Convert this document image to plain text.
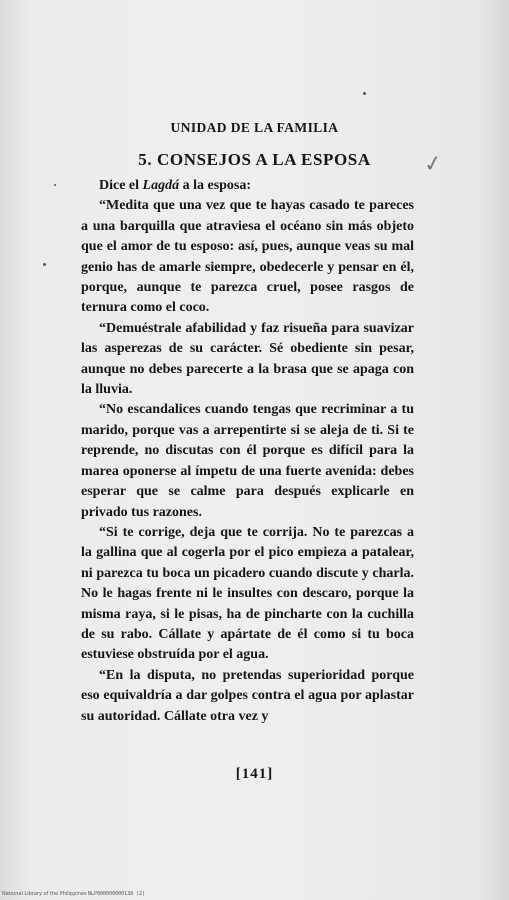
UNIDAD DE LA FAMILIA
5. CONSEJOS A LA ESPOSA	✓

Dice el Lagdá a la esposa:

“Medita que una vez que te hayas casado te pareces a una barquilla que atraviesa el océano sin más objeto que el amor de tu esposo: así, pues, aunque veas su mal genio has de amarle siempre, obedecerle y pensar en él, porque, aunque te parezca cruel, posee rasgos de ternura como el coco.

“Demuéstrale afabilidad y faz risueña para suavizar las asperezas de su carácter. Sé obediente sin pesar, aunque no debes parecerte a la brasa que se apaga con la lluvia.

“No escandalices cuando tengas que recriminar a tu marido, porque vas a arrepentirte si se aleja de ti. Si te reprende, no discutas con él porque es difícil para la marea oponerse al ímpetu de una fuerte avenida: debes esperar que se calme para después explicarle en privado tus razones.

“Si te corrige, deja que te corrija. No te parezcas a la gallina que al cogerla por el pico empieza a patalear, ni parezca tu boca un picadero cuando discute y charla. No le hagas frente ni le insultes con descaro, porque la misma raya, si le pisas, ha de pincharte con la cuchilla de su rabo. Cállate y apártate de él como si tu boca estuviese obstruída por el agua.

“En la disputa, no pretendas superioridad porque eso equivaldría a dar golpes contra el agua por aplastar su autoridad. Cállate otra vez y

[141]
National Library of the Philippines NLP000000000138 (2)
